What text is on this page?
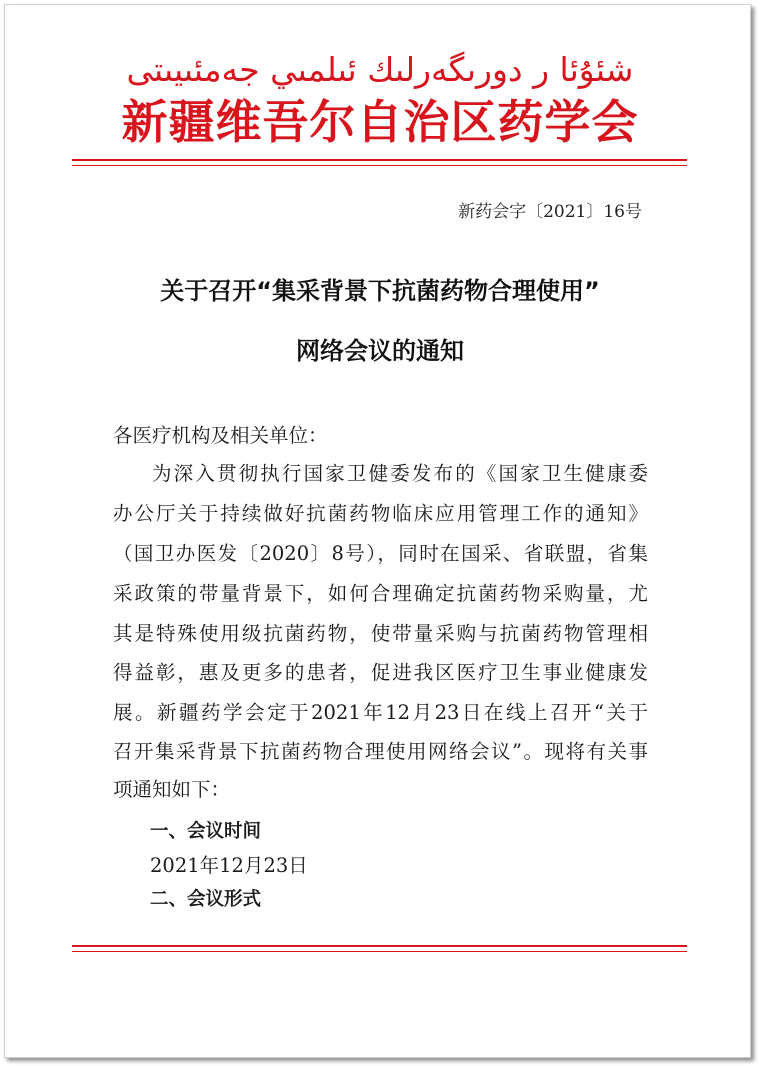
شئۇئا ر دورىگەرلىك ئىلمىي جەمئىيىتى
新疆维吾尔自治区药学会
新药会字〔2021〕16号
关于召开“集采背景下抗菌药物合理使用”
网络会议的通知
各医疗机构及相关单位：
为深入贯彻执行国家卫健委发布的《国家卫生健康委
办公厅关于持续做好抗菌药物临床应用管理工作的通知》
（国卫办医发〔2020〕8号），同时在国采、省联盟，省集
采政策的带量背景下，如何合理确定抗菌药物采购量，尤
其是特殊使用级抗菌药物，使带量采购与抗菌药物管理相
得益彰，惠及更多的患者，促进我区医疗卫生事业健康发
展。新疆药学会定于2021年12月23日在线上召开“关于
召开集采背景下抗菌药物合理使用网络会议”。现将有关事
项通知如下：
一、会议时间
2021年12月23日
二、会议形式
